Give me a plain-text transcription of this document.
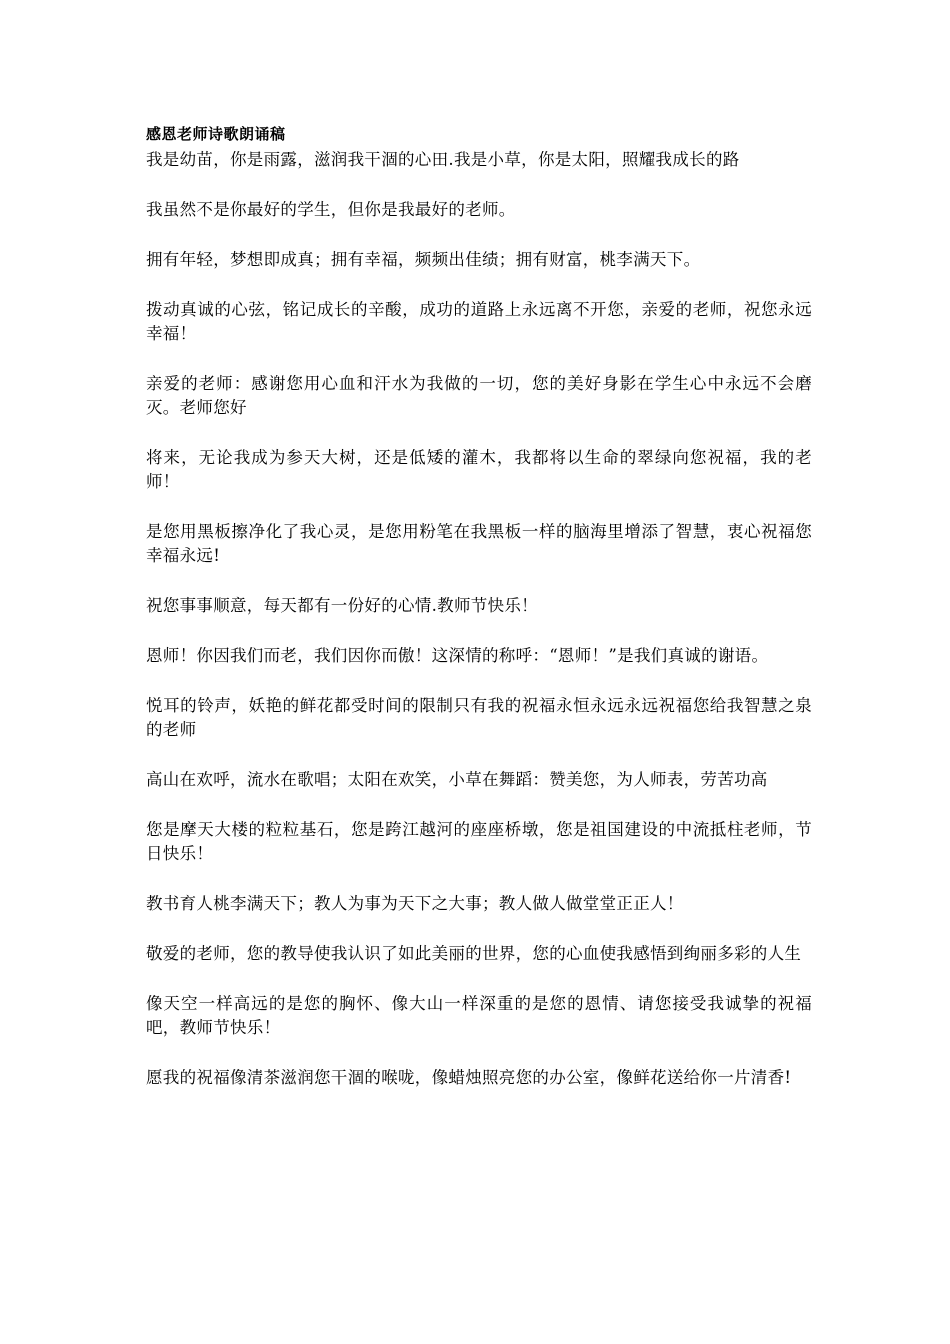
感恩老师诗歌朗诵稿

我是幼苗，你是雨露，滋润我干涸的心田.我是小草，你是太阳，照耀我成长的路

我虽然不是你最好的学生，但你是我最好的老师。

拥有年轻，梦想即成真；拥有幸福，频频出佳绩；拥有财富，桃李满天下。

拨动真诚的心弦，铭记成长的辛酸，成功的道路上永远离不开您，亲爱的老师，祝您永远幸福！

亲爱的老师：感谢您用心血和汗水为我做的一切，您的美好身影在学生心中永远不会磨灭。老师您好

将来，无论我成为参天大树，还是低矮的灌木，我都将以生命的翠绿向您祝福，我的老师！

是您用黑板擦净化了我心灵，是您用粉笔在我黑板一样的脑海里增添了智慧，衷心祝福您幸福永远!

祝您事事顺意，每天都有一份好的心情.教师节快乐！

恩师！你因我们而老，我们因你而傲！这深情的称呼：“恩师！”是我们真诚的谢语。

悦耳的铃声，妖艳的鲜花都受时间的限制只有我的祝福永恒永远永远祝福您给我智慧之泉的老师

高山在欢呼，流水在歌唱；太阳在欢笑，小草在舞蹈：赞美您，为人师表，劳苦功高

您是摩天大楼的粒粒基石，您是跨江越河的座座桥墩，您是祖国建设的中流抵柱老师，节日快乐！

教书育人桃李满天下；教人为事为天下之大事；教人做人做堂堂正正人！

敬爱的老师，您的教导使我认识了如此美丽的世界，您的心血使我感悟到绚丽多彩的人生

像天空一样高远的是您的胸怀、像大山一样深重的是您的恩情、请您接受我诚挚的祝福吧，教师节快乐！

愿我的祝福像清茶滋润您干涸的喉咙，像蜡烛照亮您的办公室，像鲜花送给你一片清香!
